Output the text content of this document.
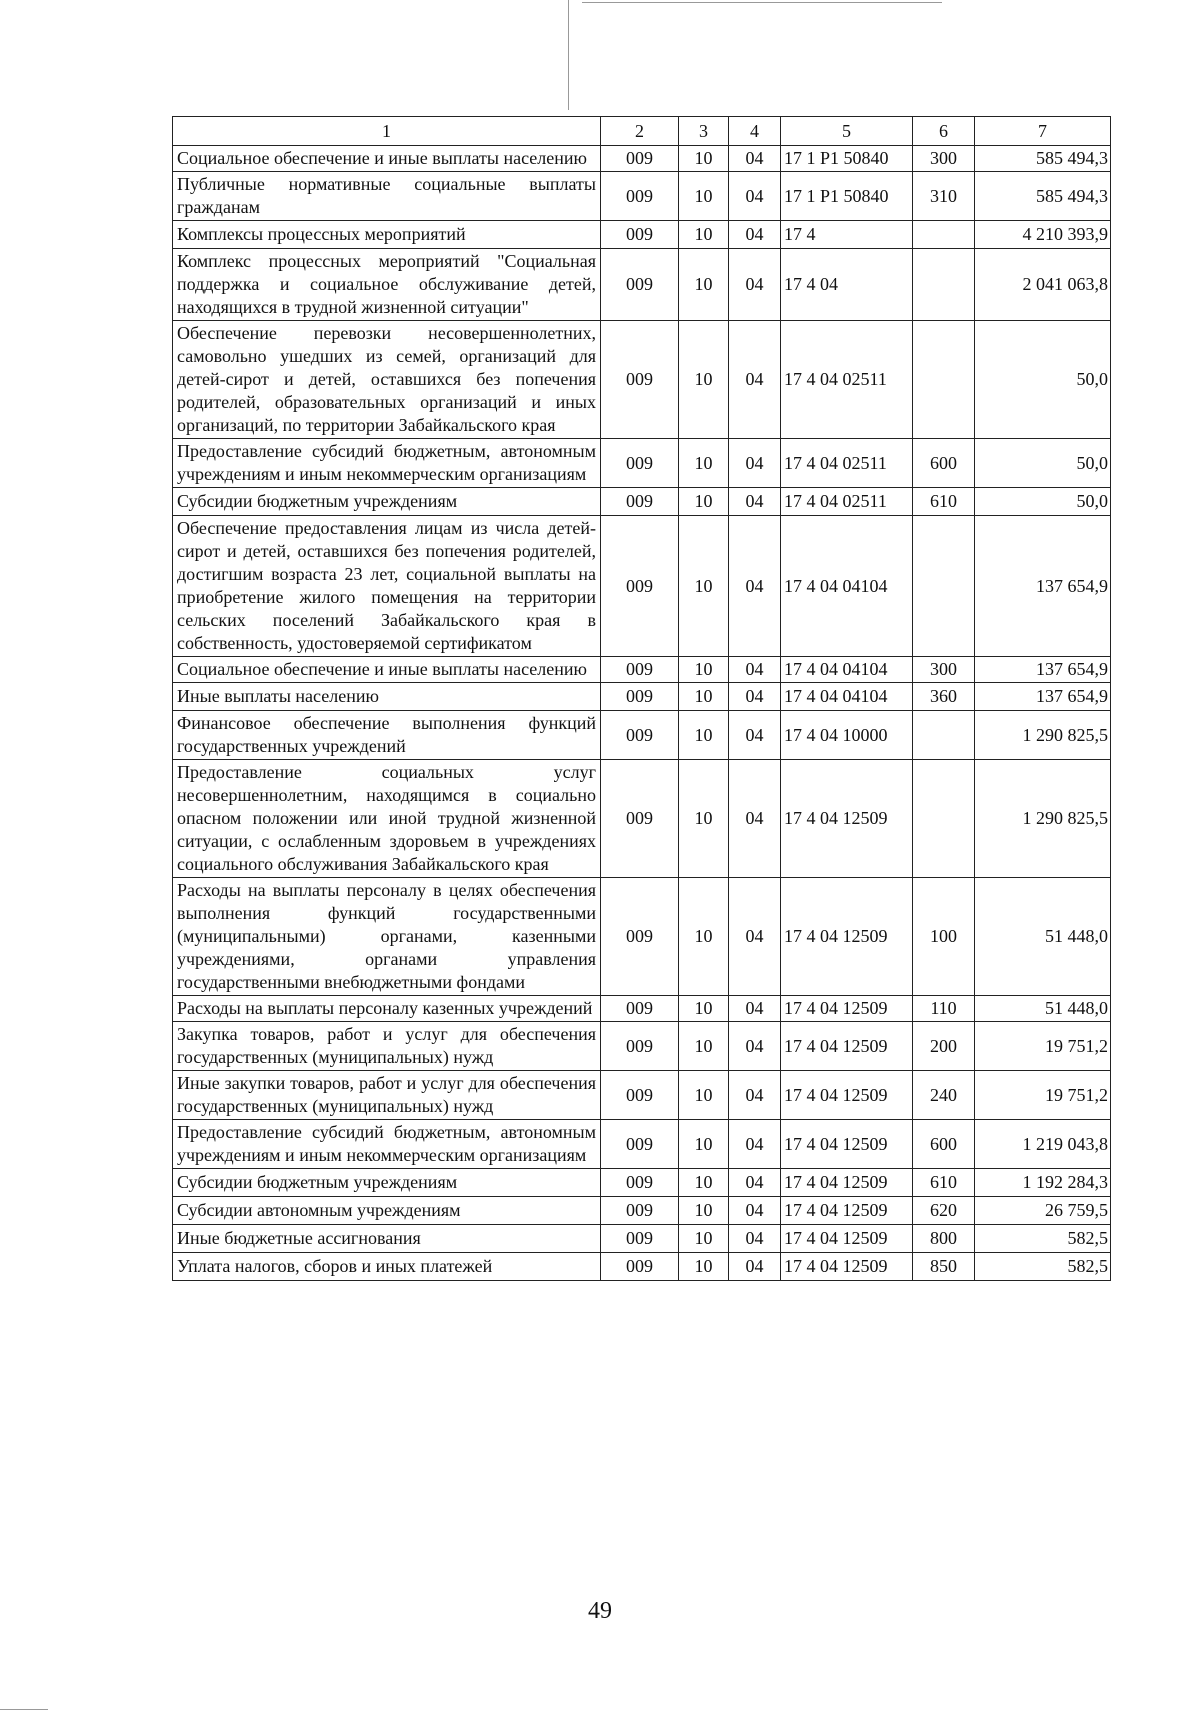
1	2	3	4	5	6	7
Социальное обеспечение и иные выплаты населению	009	10	04	17 1 Р1 50840	300	585 494,3
Публичные нормативные социальные выплаты гражданам	009	10	04	17 1 Р1 50840	310	585 494,3
Комплексы процессных мероприятий	009	10	04	17 4		4 210 393,9
Комплекс процессных мероприятий "Социальная поддержка и социальное обслуживание детей, находящихся в трудной жизненной ситуации"	009	10	04	17 4 04		2 041 063,8
Обеспечение перевозки несовершеннолетних, самовольно ушедших из семей, организаций для детей-сирот и детей, оставшихся без попечения родителей, образовательных организаций и иных организаций, по территории Забайкальского края	009	10	04	17 4 04 02511		50,0
Предоставление субсидий бюджетным, автономным учреждениям и иным некоммерческим организациям	009	10	04	17 4 04 02511	600	50,0
Субсидии бюджетным учреждениям	009	10	04	17 4 04 02511	610	50,0
Обеспечение предоставления лицам из числа детей-сирот и детей, оставшихся без попечения родителей, достигшим возраста 23 лет, социальной выплаты на приобретение жилого помещения на территории сельских поселений Забайкальского края в собственность, удостоверяемой сертификатом	009	10	04	17 4 04 04104		137 654,9
Социальное обеспечение и иные выплаты населению	009	10	04	17 4 04 04104	300	137 654,9
Иные выплаты населению	009	10	04	17 4 04 04104	360	137 654,9
Финансовое обеспечение выполнения функций государственных учреждений	009	10	04	17 4 04 10000		1 290 825,5
Предоставление социальных услуг несовершеннолетним, находящимся в социально опасном положении или иной трудной жизненной ситуации, с ослабленным здоровьем в учреждениях социального обслуживания Забайкальского края	009	10	04	17 4 04 12509		1 290 825,5
Расходы на выплаты персоналу в целях обеспечения выполнения функций государственными (муниципальными) органами, казенными учреждениями, органами управления государственными внебюджетными фондами	009	10	04	17 4 04 12509	100	51 448,0
Расходы на выплаты персоналу казенных учреждений	009	10	04	17 4 04 12509	110	51 448,0
Закупка товаров, работ и услуг для обеспечения государственных (муниципальных) нужд	009	10	04	17 4 04 12509	200	19 751,2
Иные закупки товаров, работ и услуг для обеспечения государственных (муниципальных) нужд	009	10	04	17 4 04 12509	240	19 751,2
Предоставление субсидий бюджетным, автономным учреждениям и иным некоммерческим организациям	009	10	04	17 4 04 12509	600	1 219 043,8
Субсидии бюджетным учреждениям	009	10	04	17 4 04 12509	610	1 192 284,3
Субсидии автономным учреждениям	009	10	04	17 4 04 12509	620	26 759,5
Иные бюджетные ассигнования	009	10	04	17 4 04 12509	800	582,5
Уплата налогов, сборов и иных платежей	009	10	04	17 4 04 12509	850	582,5
49
